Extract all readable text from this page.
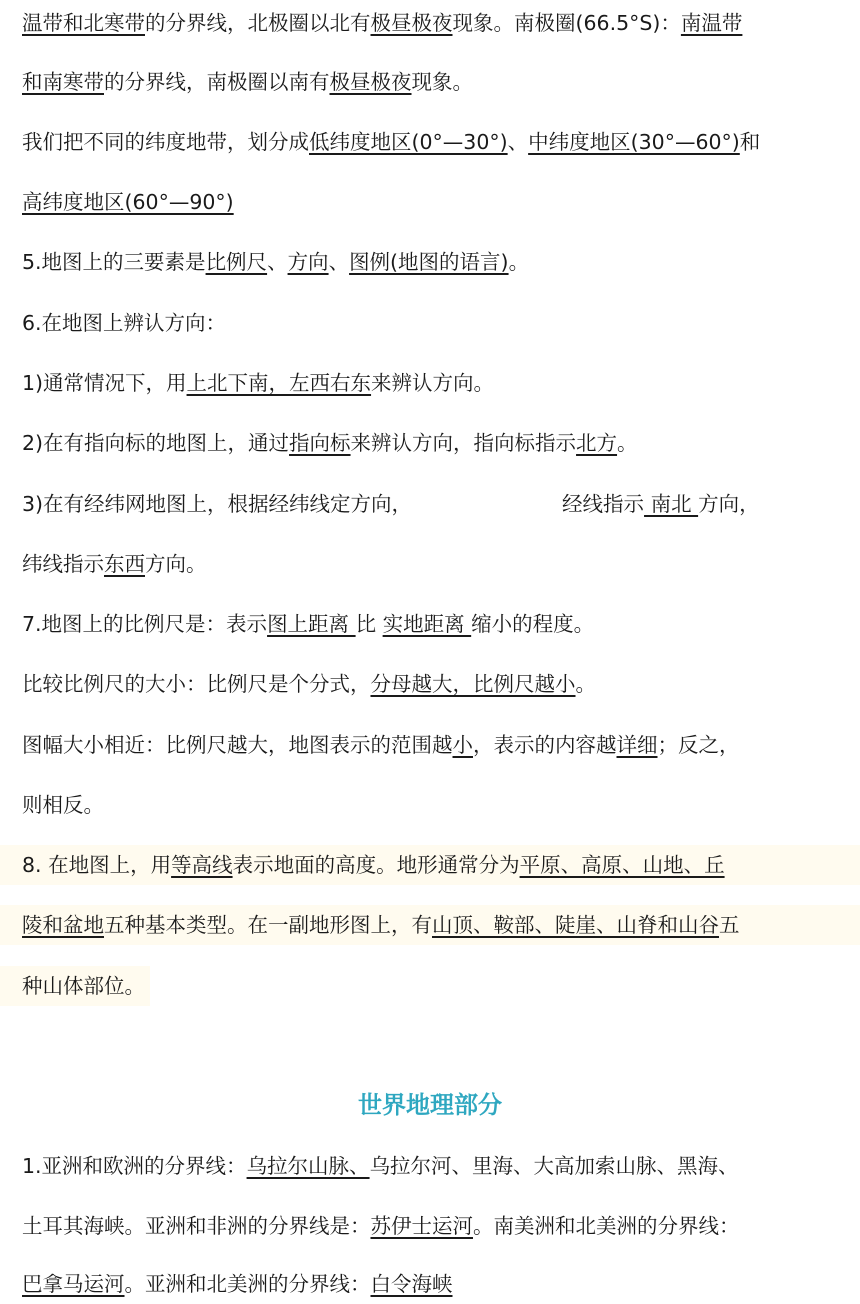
温带和北寒带的分界线，北极圈以北有极昼极夜现象。南极圈(66.5°S)：南温带
和南寒带的分界线，南极圈以南有极昼极夜现象。
我们把不同的纬度地带，划分成低纬度地区(0°—30°)、中纬度地区(30°—60°)和
高纬度地区(60°—90°)
5.地图上的三要素是比例尺、方向、图例(地图的语言)。
6.在地图上辨认方向：
1)通常情况下，用上北下南，左西右东来辨认方向。
2)在有指向标的地图上，通过指向标来辨认方向，指向标指示北方。
3)在有经纬网地图上，根据经纬线定方向，	经线指示 南北 方向，
纬线指示东西方向。
7.地图上的比例尺是：表示图上距离 比 实地距离 缩小的程度。
比较比例尺的大小：比例尺是个分式，分母越大，比例尺越小。
图幅大小相近：比例尺越大，地图表示的范围越小，表示的内容越详细；反之，
则相反。
8. 在地图上，用等高线表示地面的高度。地形通常分为平原、高原、山地、丘
陵和盆地五种基本类型。在一副地形图上，有山顶、鞍部、陡崖、山脊和山谷五
种山体部位。
世界地理部分
1.亚洲和欧洲的分界线：乌拉尔山脉、乌拉尔河、里海、大高加索山脉、黑海、
土耳其海峡。亚洲和非洲的分界线是：苏伊士运河。南美洲和北美洲的分界线：
巴拿马运河。亚洲和北美洲的分界线：白令海峡
